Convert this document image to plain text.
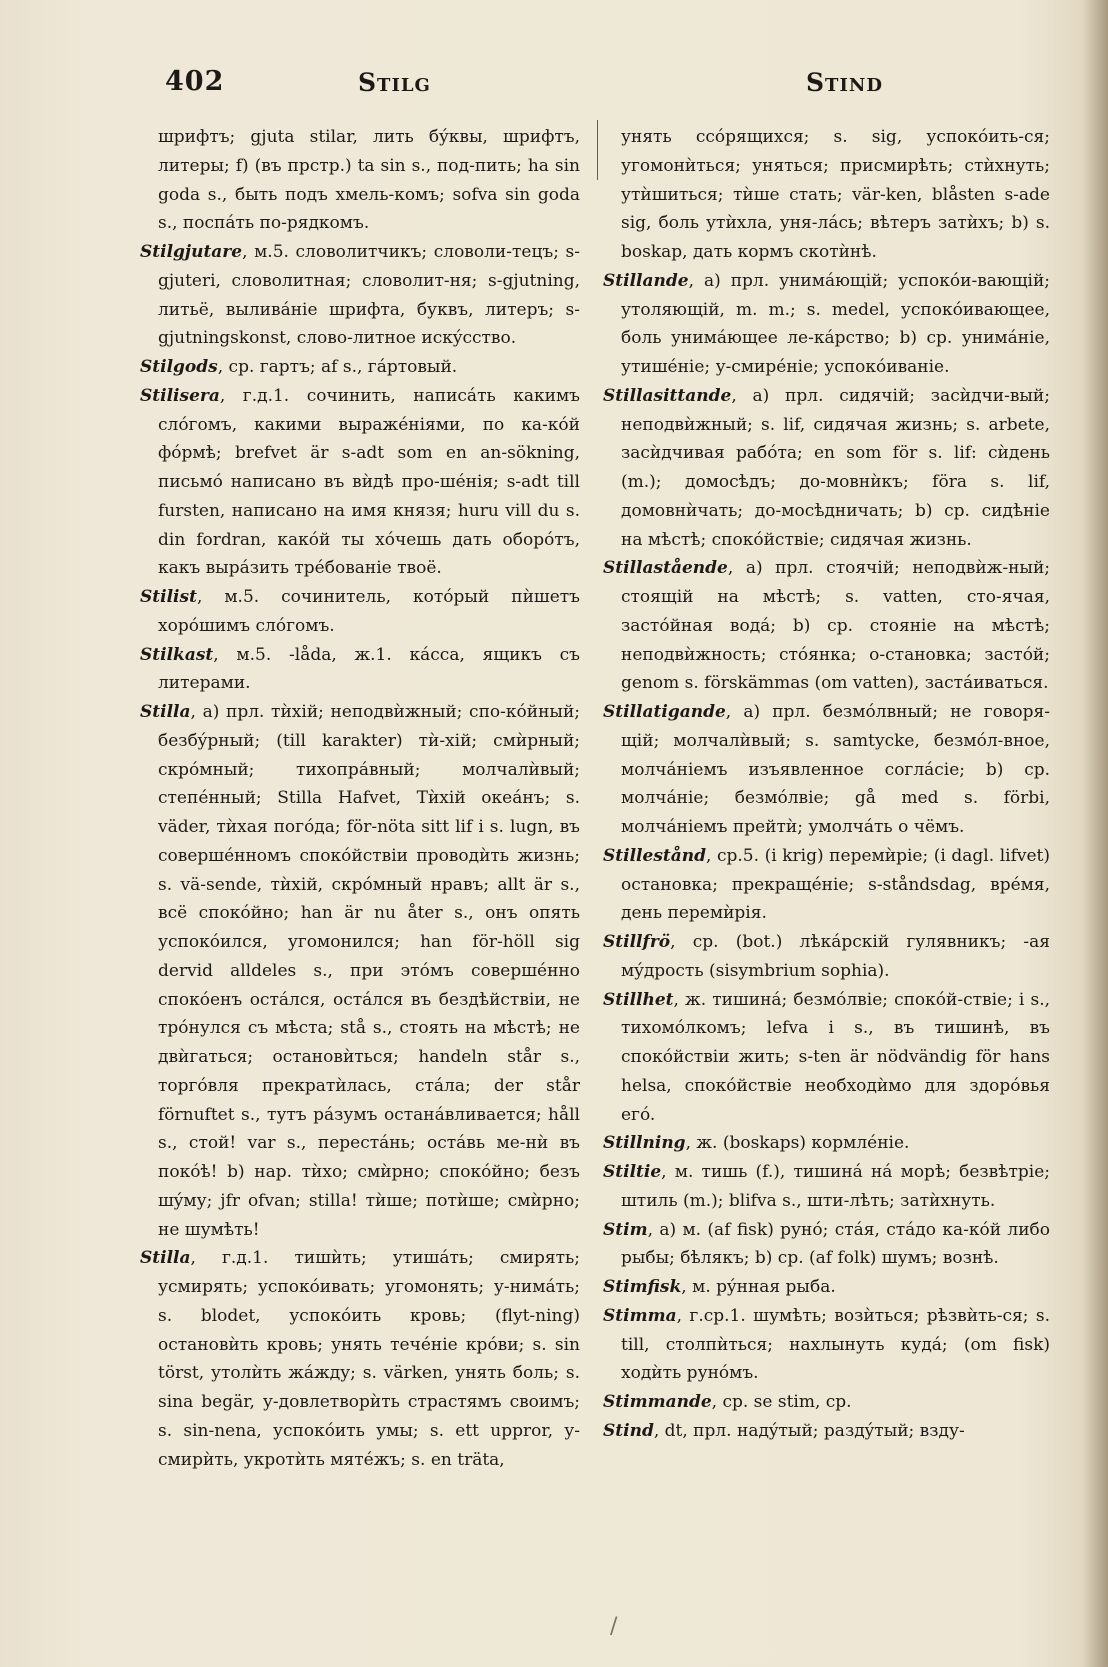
402	Stilg	Stind

шрифтъ; gjuta stilar, лить бýквы, шрифтъ, литеры; f) (въ прстр.) ta sin s., под-пить; ha sin goda s., быть подъ хмель-комъ; sofva sin goda s., поспáть по-рядкомъ.

Stilgjutare, м.5. словолитчикъ; словоли-тецъ; s-gjuteri, словолитная; словолит-ня; s-gjutning, литьё, выливáніе шрифта, буквъ, литеръ; s-gjutningskonst, слово-литное искýсство.

Stilgods, ср. гартъ; af s., гáртовый.

Stilisera, г.д.1. сочинить, написáть какимъ слóгомъ, какими выражéніями, по ка-кóй фóрмѣ; brefvet är s-adt som en an-sökning, письмó написано въ вѝдѣ про-шéнія; s-adt till fursten, написано на имя князя; huru vill du s. din fordran, какóй ты хóчешь дать оборóтъ, какъ вырáзить трéбованіе твоё.

Stilist, м.5. сочинитель, котóрый пѝшетъ хорóшимъ слóгомъ.

Stilkast, м.5. -låda, ж.1. кáсса, ящикъ съ литерами.

Stilla, а) прл. тѝхій; неподвѝжный; спо-кóйный; безбýрный; (till karakter) тѝ-хій; смѝрный; скрóмный; тихопрáвный; молчалѝвый; степéнный; Stilla Hafvet, Тѝхій океáнъ; s. väder, тѝхая погóда; för-nöta sitt lif i s. lugn, въ совершéнномъ спокóйствіи проводѝть жизнь; s. vä-sende, тѝхій, скрóмный нравъ; allt är s., всё спокóйно; han är nu åter s., онъ опять успокóился, угомонился; han för-höll sig dervid alldeles s., при этóмъ совершéнно спокóенъ остáлся, остáлся въ бездѣйствіи, не трóнулся съ мѣста; stå s., стоять на мѣстѣ; не двѝгаться; остановѝться; handeln står s., торгóвля прекратѝлась, стáла; der står förnuftet s., тутъ рáзумъ останáвливается; håll s., стой! var s., перестáнь; остáвь ме-нѝ въ покóѣ! b) нар. тѝхо; смѝрно; спокóйно; безъ шýму; jfr ofvan; stilla! тѝше; потѝше; смѝрно; не шумѣть!

Stilla, г.д.1. тишѝть; утишáть; смирять; усмирять; успокóивать; угомонять; у-нимáть; s. blodet, успокóить кровь; (flyt-ning) остановѝть кровь; унять течéніе крóви; s. sin törst, утолѝть жáжду; s. värken, унять боль; s. sina begär, у-довлетворѝть страстямъ своимъ; s. sin-nena, успокóить умы; s. ett uppror, у-смирѝть, укротѝть мятéжъ; s. en träta,

унять ссóрящихся; s. sig, успокóить-ся; угомонѝться; уняться; присмирѣть; стѝхнуть; утѝшиться; тѝше стать; vär-ken, blåsten s-ade sig, боль утѝхла, уня-лáсь; вѣтеръ затѝхъ; b) s. boskap, дать кормъ скотѝнѣ.

Stillande, а) прл. унимáющій; успокóи-вающій; утоляющій, m. m.; s. medel, успокóивающее, боль унимáющее ле-кáрство; b) ср. унимáніе, утишéніе; у-смирéніе; успокóиваніе.

Stillasittande, а) прл. сидячій; засѝдчи-вый; неподвѝжный; s. lif, сидячая жизнь; s. arbete, засѝдчивая рабóта; en som för s. lif: сѝдень (m.); домосѣдъ; до-мовнѝкъ; föra s. lif, домовнѝчать; до-мосѣдничать; b) ср. сидѣніе на мѣстѣ; спокóйствіе; сидячая жизнь.

Stillastående, а) прл. стоячій; неподвѝж-ный; стоящій на мѣстѣ; s. vatten, сто-ячая, застóйная водá; b) ср. стояніе на мѣстѣ; неподвѝжность; стóянка; о-становка; застóй; genom s. förskämmas (om vatten), застáиваться.

Stillatigande, а) прл. безмóлвный; не говоря-щій; молчалѝвый; s. samtycke, безмóл-вное, молчáніемъ изъявленное соглáсіе; b) ср. молчáніе; безмóлвіе; gå med s. förbi, молчáніемъ прейтѝ; умолчáть о чёмъ.

Stillestånd, ср.5. (i krig) перемѝріе; (i dagl. lifvet) остановка; прекращéніе; s-ståndsdag, врéмя, день перемѝрія.

Stillfrö, ср. (bot.) лѣкáрскій гулявникъ; -ая мýдрость (sisymbrium sophia).

Stillhet, ж. тишинá; безмóлвіе; спокóй-ствіе; i s., тихомóлкомъ; lefva i s., въ тишинѣ, въ спокóйствіи жить; s-ten är nödvändig för hans helsa, спокóйствіе необходѝмо для здорóвья егó.

Stillning, ж. (boskaps) кормлéніе.

Stiltie, м. тишь (f.), тишинá нá морѣ; безвѣтріе; штиль (m.); blifva s., шти-лѣть; затѝхнуть.

Stim, а) м. (af fisk) рунó; стáя, стáдо ка-кóй либо рыбы; бѣлякъ; b) ср. (af folk) шумъ; вознѣ.

Stimfisk, м. рýнная рыба.

Stimma, г.ср.1. шумѣть; возѝться; рѣзвѝть-ся; s. till, столпѝться; нахлынуть кудá; (om fisk) ходѝть рунóмъ.

Stimmande, ср. se stim, ср.

Stind, dt, прл. надýтый; раздýтый; взду-

/
